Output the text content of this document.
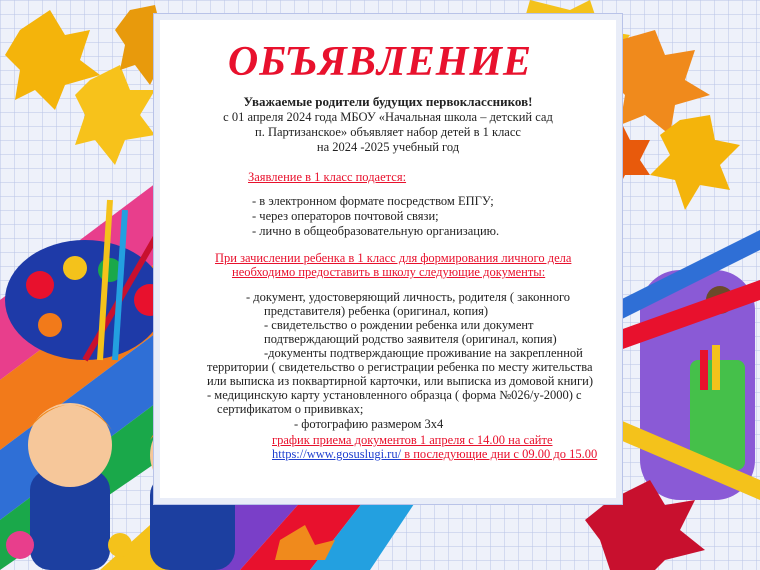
ОБЪЯВЛЕНИЕ

Уважаемые родители будущих первоклассников!

с 01 апреля 2024 года МБОУ «Начальная школа – детский сад

п. Партизанское» объявляет набор детей в 1 класс

на 2024 -2025 учебный год

Заявление в 1 класс подается:

- в электронном формате посредством ЕПГУ;

- через операторов почтовой связи;

- лично в общеобразовательную организацию.

При зачислении ребенка в 1 класс для формирования личного дела

необходимо предоставить в школу следующие документы:

- документ, удостоверяющий личность, родителя ( законного

представителя) ребенка (оригинал, копия)

- свидетельство о рождении ребенка или документ

подтверждающий родство заявителя (оригинал, копия)

-документы подтверждающие проживание на закрепленной

территории ( свидетельство о регистрации ребенка по месту жительства

или выписка из поквартирной карточки, или выписка из домовой книги)

- медицинскую карту установленного образца ( форма №026/у-2000) с

сертификатом о прививках;

- фотографию размером 3х4

график приема документов 1 апреля с 14.00 на сайте

https://www.gosuslugi.ru/ в последующие дни с 09.00 до 15.00
